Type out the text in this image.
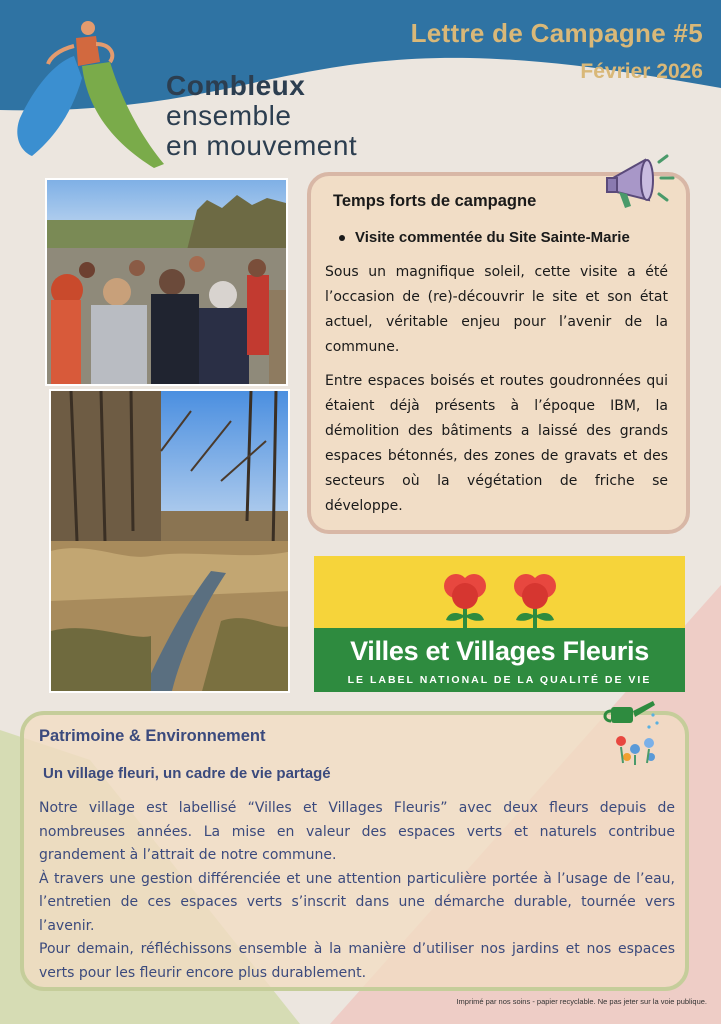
Lettre de Campagne #5
Février 2026
Combleux
ensemble
en mouvement
Temps forts de campagne
Visite commentée du Site Sainte-Marie

Sous un magnifique soleil, cette visite a été l’occasion de (re)-découvrir le site et son état actuel, véritable enjeu pour l’avenir de la commune.

Entre espaces boisés et routes goudronnées qui étaient déjà présents à l’époque IBM, la démolition des bâtiments a laissé des grands espaces bétonnés, des zones de gravats et des secteurs où la végétation de friche se développe.

Villes et Villages Fleuris
LE LABEL NATIONAL DE LA QUALITÉ DE VIE
Patrimoine & Environnement
Un village fleuri, un cadre de vie partagé

Notre village est labellisé “Villes et Villages Fleuris” avec deux fleurs depuis de nombreuses années. La mise en valeur des espaces verts et naturels contribue grandement à l’attrait de notre commune.

À travers une gestion différenciée et une attention particulière portée à l’usage de l’eau, l’entretien de ces espaces verts s’inscrit dans une démarche durable, tournée vers l’avenir.

Pour demain, réfléchissons ensemble à la manière d’utiliser nos jardins et nos espaces verts pour les fleurir encore plus durablement.

Imprimé par nos soins - papier recyclable. Ne pas jeter sur la voie publique.
